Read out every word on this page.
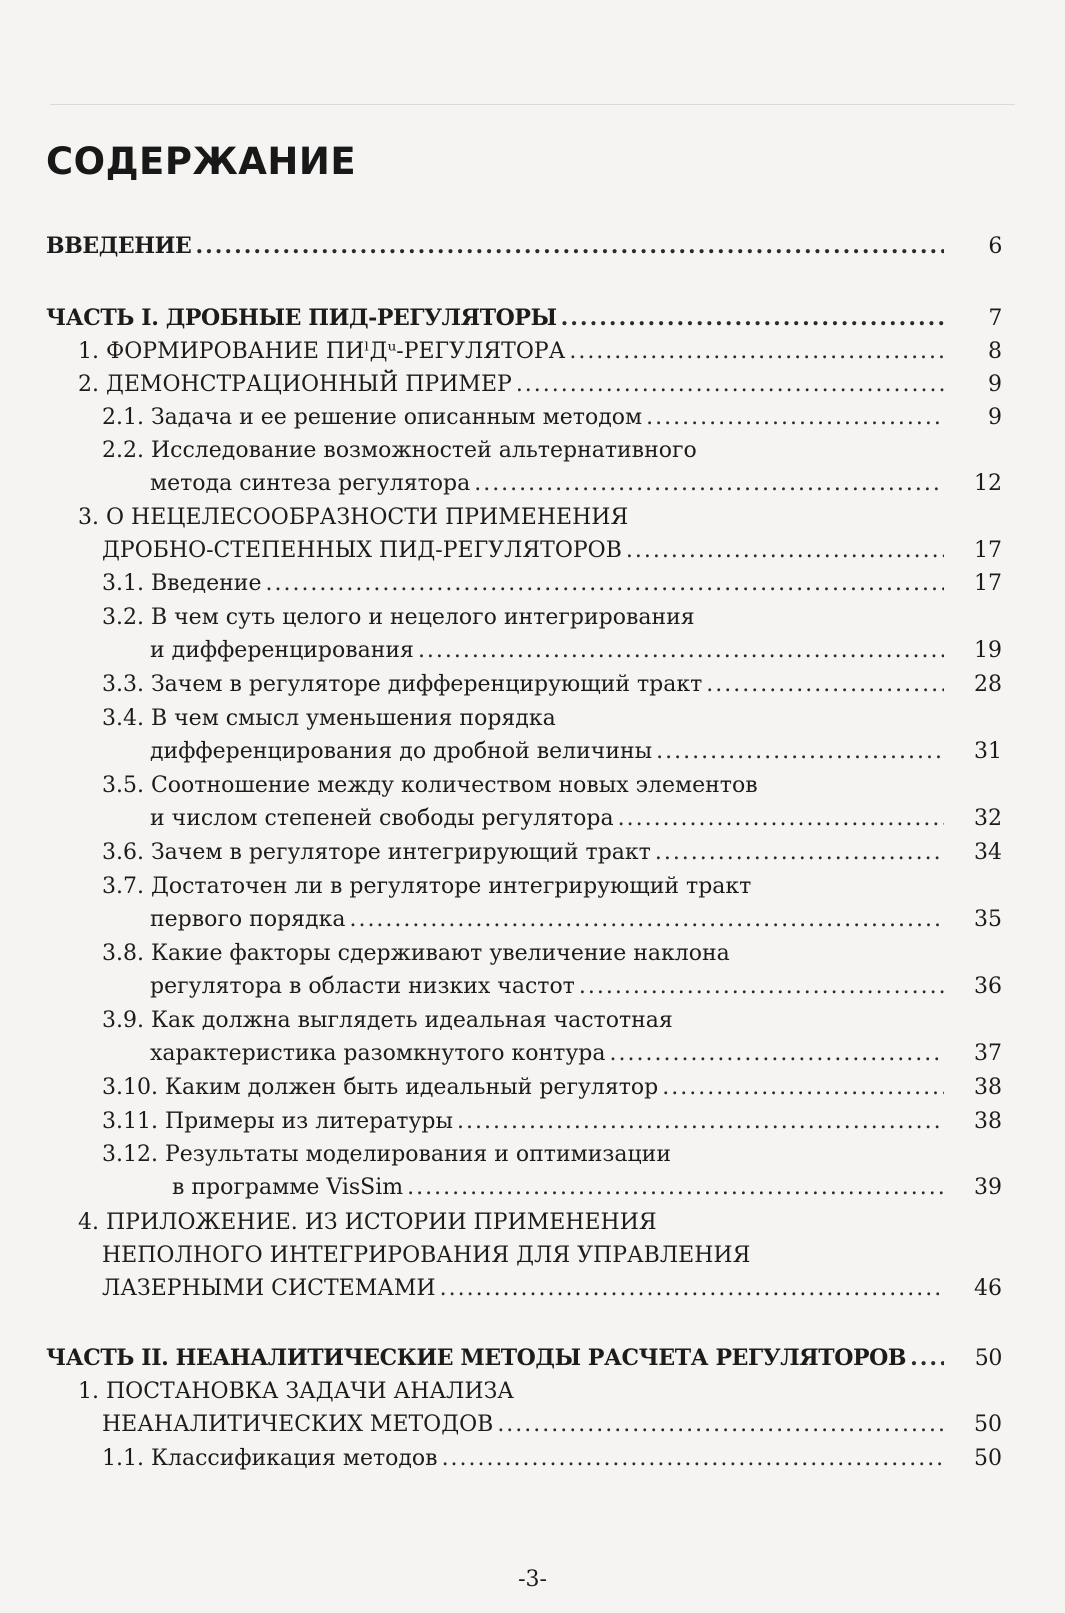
СОДЕРЖАНИЕ
ВВЕДЕНИЕ .....	6
ЧАСТЬ I. ДРОБНЫЕ ПИД-РЕГУЛЯТОРЫ .....	7
1. ФОРМИРОВАНИЕ ПИˡДᵘ-РЕГУЛЯТОРА .....	8
2. ДЕМОНСТРАЦИОННЫЙ ПРИМЕР .....	9
2.1. Задача и ее решение описанным методом .....	9
2.2. Исследование возможностей альтернативного
метода синтеза регулятора .....	12
3. О НЕЦЕЛЕСООБРАЗНОСТИ ПРИМЕНЕНИЯ
ДРОБНО-СТЕПЕННЫХ ПИД-РЕГУЛЯТОРОВ .....	17
3.1. Введение .....	17
3.2. В чем суть целого и нецелого интегрирования
и дифференцирования .....	19
3.3. Зачем в регуляторе дифференцирующий тракт .....	28
3.4. В чем смысл уменьшения порядка
дифференцирования до дробной величины .....	31
3.5. Соотношение между количеством новых элементов
и числом степеней свободы регулятора .....	32
3.6. Зачем в регуляторе интегрирующий тракт .....	34
3.7. Достаточен ли в регуляторе интегрирующий тракт
первого порядка .....	35
3.8. Какие факторы сдерживают увеличение наклона
регулятора в области низких частот .....	36
3.9. Как должна выглядеть идеальная частотная
характеристика разомкнутого контура .....	37
3.10. Каким должен быть идеальный регулятор .....	38
3.11. Примеры из литературы .....	38
3.12. Результаты моделирования и оптимизации
в программе VisSim .....	39
4. ПРИЛОЖЕНИЕ. ИЗ ИСТОРИИ ПРИМЕНЕНИЯ
НЕПОЛНОГО ИНТЕГРИРОВАНИЯ ДЛЯ УПРАВЛЕНИЯ
ЛАЗЕРНЫМИ СИСТЕМАМИ .....	46
ЧАСТЬ II. НЕАНАЛИТИЧЕСКИЕ МЕТОДЫ РАСЧЕТА РЕГУЛЯТОРОВ .....	50
1. ПОСТАНОВКА ЗАДАЧИ АНАЛИЗА
НЕАНАЛИТИЧЕСКИХ МЕТОДОВ .....	50
1.1. Классификация методов .....	50
-3-
